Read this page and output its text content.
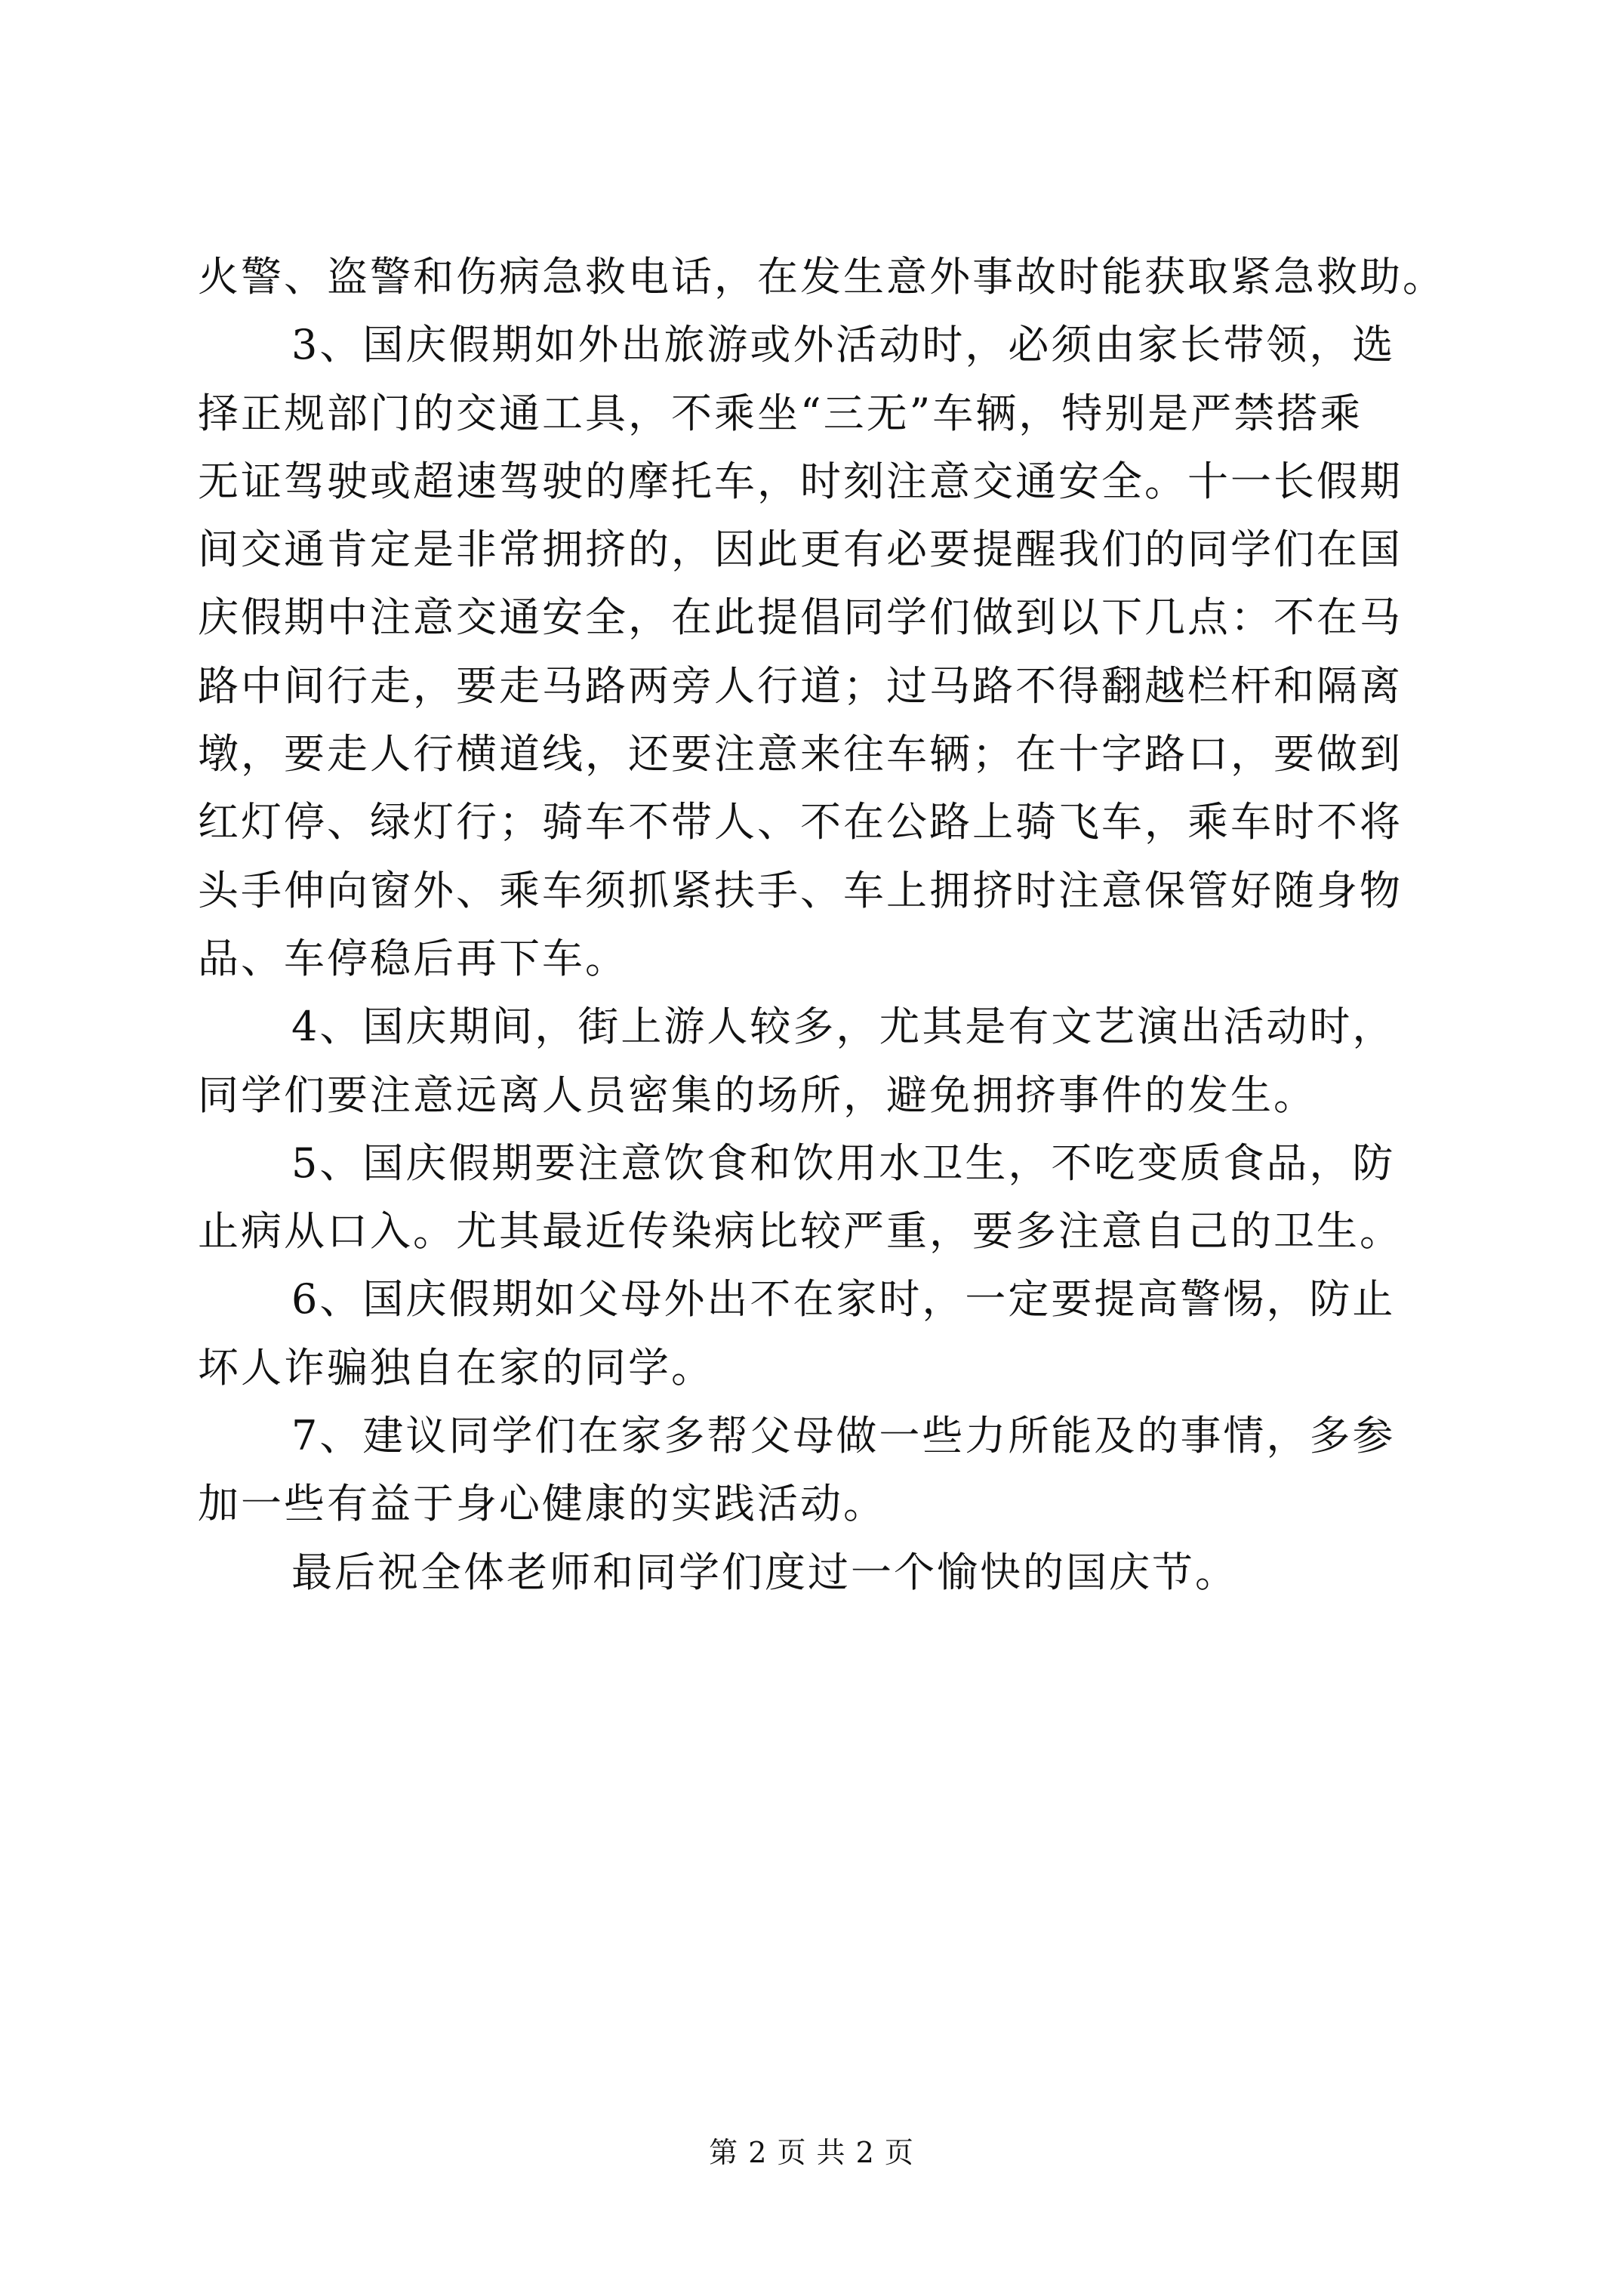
火警、盗警和伤病急救电话，在发生意外事故时能获取紧急救助。
3、国庆假期如外出旅游或外活动时，必须由家长带领，选
择正规部门的交通工具，不乘坐“三无”车辆，特别是严禁搭乘
无证驾驶或超速驾驶的摩托车，时刻注意交通安全。十一长假期
间交通肯定是非常拥挤的，因此更有必要提醒我们的同学们在国
庆假期中注意交通安全，在此提倡同学们做到以下几点：不在马
路中间行走，要走马路两旁人行道；过马路不得翻越栏杆和隔离
墩，要走人行横道线，还要注意来往车辆；在十字路口，要做到
红灯停、绿灯行；骑车不带人、不在公路上骑飞车，乘车时不将
头手伸向窗外、乘车须抓紧扶手、车上拥挤时注意保管好随身物
品、车停稳后再下车。
4、国庆期间，街上游人较多，尤其是有文艺演出活动时，
同学们要注意远离人员密集的场所，避免拥挤事件的发生。
5、国庆假期要注意饮食和饮用水卫生，不吃变质食品，防
止病从口入。尤其最近传染病比较严重，要多注意自己的卫生。
6、国庆假期如父母外出不在家时，一定要提高警惕，防止
坏人诈骗独自在家的同学。
7、建议同学们在家多帮父母做一些力所能及的事情，多参
加一些有益于身心健康的实践活动。
最后祝全体老师和同学们度过一个愉快的国庆节。
第 2 页 共 2 页
